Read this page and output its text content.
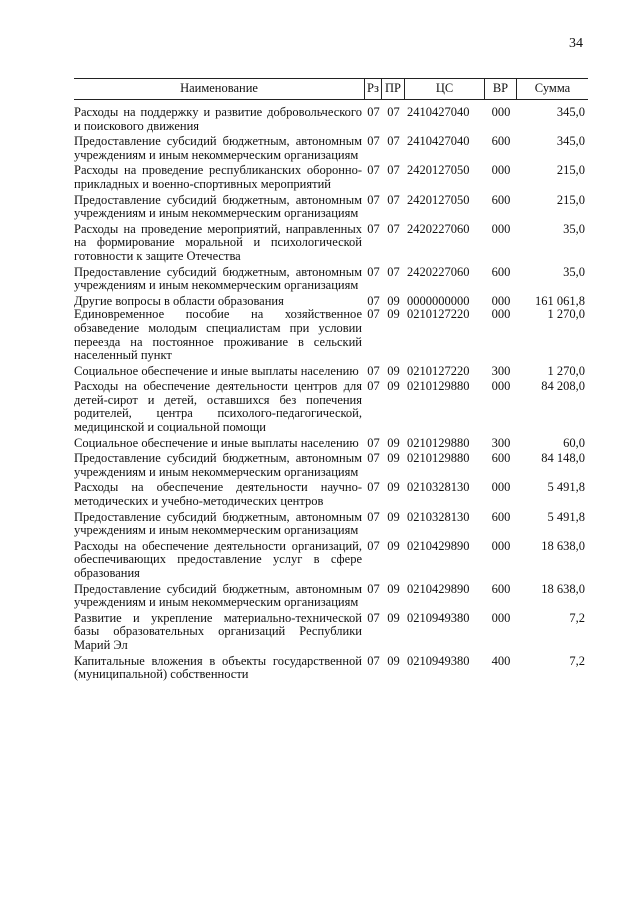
34
Наименование	Рз ПР	ЦС	ВР	Сумма
Расходы на поддержку и развитие добровольческого и поискового движения
07 07 2410427040	000	345,0
Предоставление субсидий бюджетным, автономным учреждениям и иным некоммерческим организациям
07 07 2410427040	600	345,0
Расходы на проведение республиканских оборонно-прикладных и военно-спортивных мероприятий
07 07 2420127050	000	215,0
Предоставление субсидий бюджетным, автономным учреждениям и иным некоммерческим организациям
07 07 2420127050	600	215,0
Расходы на проведение мероприятий, направленных на формирование моральной и психологической готовности к защите Отечества
07 07 2420227060	000	35,0
Предоставление субсидий бюджетным, автономным учреждениям и иным некоммерческим организациям
07 07 2420227060	600	35,0
Другие вопросы в области образования	07 09 0000000000	000	161 061,8
Единовременное пособие на хозяйственное обзаведение молодым специалистам при условии переезда на постоянное проживание в сельский населенный пункт
07 09 0210127220	000	1 270,0
Социальное обеспечение и иные выплаты населению 07 09 0210127220	300	1 270,0
Расходы на обеспечение деятельности центров для детей-сирот и детей, оставшихся без попечения родителей, центра психолого-педагогической, медицинской и социальной помощи
07 09 0210129880	000	84 208,0
Социальное обеспечение и иные выплаты населению 07 09 0210129880	300	60,0
Предоставление субсидий бюджетным, автономным учреждениям и иным некоммерческим организациям
07 09 0210129880	600	84 148,0
Расходы на обеспечение деятельности научно-методических и учебно-методических центров
07 09 0210328130	000	5 491,8
Предоставление субсидий бюджетным, автономным учреждениям и иным некоммерческим организациям
07 09 0210328130	600	5 491,8
Расходы на обеспечение деятельности организаций, обеспечивающих предоставление услуг в сфере образования
07 09 0210429890	000	18 638,0
Предоставление субсидий бюджетным, автономным учреждениям и иным некоммерческим организациям
07 09 0210429890	600	18 638,0
Развитие и укрепление материально-технической базы образовательных организаций Республики Марий Эл
07 09 0210949380	000	7,2
Капитальные вложения в объекты государственной (муниципальной) собственности
07 09 0210949380	400	7,2
